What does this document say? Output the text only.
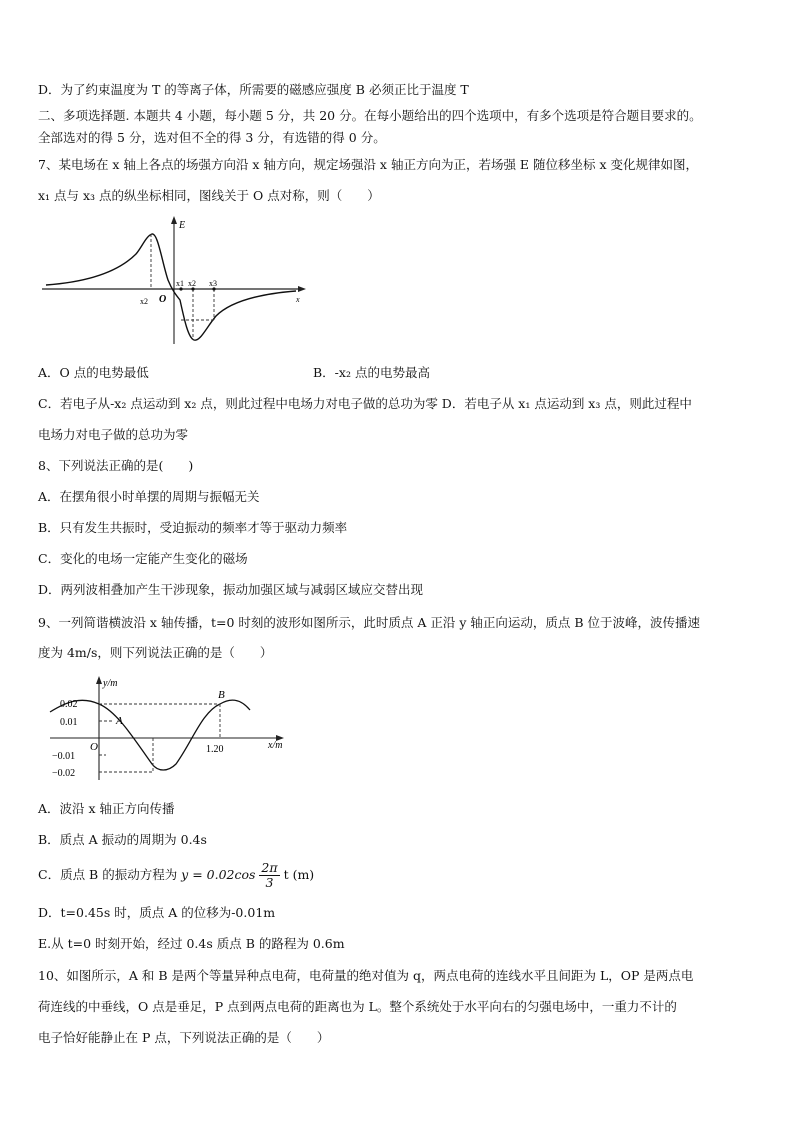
D．为了约束温度为 T 的等离子体，所需要的磁感应强度 B 必须正比于温度 T
二、多项选择题. 本题共 4 小题，每小题 5 分，共 20 分。在每小题给出的四个选项中，有多个选项是符合题目要求的。
全部选对的得 5 分，选对但不全的得 3 分，有选错的得 0 分。
7、某电场在 x 轴上各点的场强方向沿 x 轴方向，规定场强沿 x 轴正方向为正，若场强 E 随位移坐标 x 变化规律如图，
x₁ 点与 x₃ 点的纵坐标相同，图线关于 O 点对称，则（　　）
E
x
x2 O
x1 x2 x3
A．O 点的电势最低	B．-x₂ 点的电势最高
C．若电子从-x₂ 点运动到 x₂ 点，则此过程中电场力对电子做的总功为零 D．若电子从 x₁ 点运动到 x₃ 点，则此过程中
电场力对电子做的总功为零
8、下列说法正确的是(　　)
A．在摆角很小时单摆的周期与振幅无关
B．只有发生共振时，受迫振动的频率才等于驱动力频率
C．变化的电场一定能产生变化的磁场
D．两列波相叠加产生干涉现象，振动加强区域与减弱区域应交替出现
9、一列简谐横波沿 x 轴传播，t=0 时刻的波形如图所示，此时质点 A 正沿 y 轴正向运动，质点 B 位于波峰，波传播速
度为 4m/s，则下列说法正确的是（　　）
y/m
x/m
0.02
0.01
−0.01
−0.02
1.20
O
A
B
A．波沿 x 轴正方向传播
B．质点 A 振动的周期为 0.4s
C．质点 B 的振动方程为 $y = 0.02\cos \frac{2\pi}{3}$ t (m)
D．t=0.45s 时，质点 A 的位移为-0.01m
E.从 t=0 时刻开始，经过 0.4s 质点 B 的路程为 0.6m
10、如图所示，A 和 B 是两个等量异种点电荷，电荷量的绝对值为 q，两点电荷的连线水平且间距为 L，OP 是两点电
荷连线的中垂线，O 点是垂足，P 点到两点电荷的距离也为 L。整个系统处于水平向右的匀强电场中，一重力不计的
电子恰好能静止在 P 点，下列说法正确的是（　　）
